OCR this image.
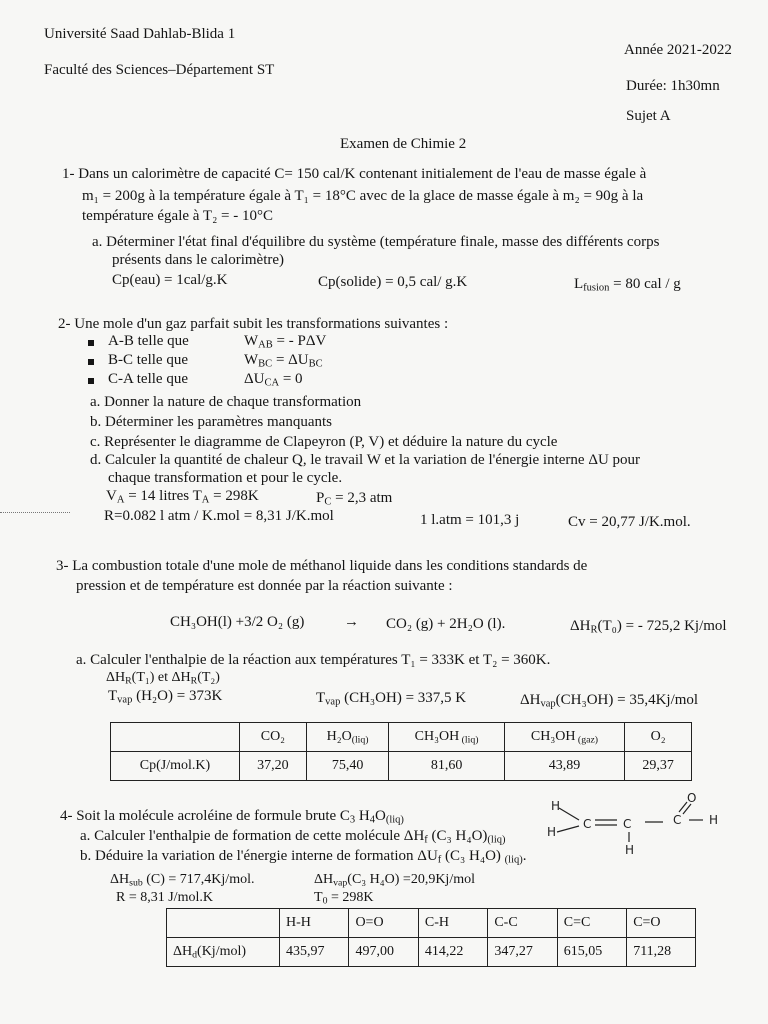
Université Saad Dahlab-Blida 1
Faculté des Sciences–Département ST
Année 2021-2022
Durée: 1h30mn
Sujet A
Examen de Chimie 2
1- Dans un calorimètre de capacité C= 150 cal/K contenant initialement de l'eau de masse égale à
m₁ = 200g à la température égale à T₁ = 18°C avec de la glace de masse égale à m₂ = 90g à la
température égale à T₂ = - 10°C
a. Déterminer l'état final d'équilibre du système (température finale, masse des différents corps
présents dans le calorimètre)
Cp(eau) = 1cal/g.K	Cp(solide) = 0,5 cal/ g.K	$L_{fusion} = 80$ cal / g
2- Une mole d'un gaz parfait subit les transformations suivantes :
A-B telle que	$W_{AB}$ = - PΔV
B-C telle que	$W_{BC} = \Delta U_{BC}$
C-A telle que	$\Delta U_{CA} = 0$
a. Donner la nature de chaque transformation
b. Déterminer les paramètres manquants
c. Représenter le diagramme de Clapeyron (P, V) et déduire la nature du cycle
d. Calculer la quantité de chaleur Q, le travail W et la variation de l'énergie interne ΔU pour
chaque transformation et pour le cycle.
$V_A = 14$ litres $T_A = 298K$	$P_C = 2,3$ atm
R=0.082 l atm / K.mol = 8,31 J/K.mol	1 l.atm = 101,3 j	Cv = 20,77 J/K.mol.
3- La combustion totale d'une mole de méthanol liquide dans les conditions standards de
pression et de température est donnée par la réaction suivante :
CH₃OH(l) +3/2 O₂ (g)	→ CO₂ (g) + 2H₂O (l).	$\Delta H_R(T_0)$ = - 725,2 Kj/mol
a. Calculer l'enthalpie de la réaction aux températures T₁ = 333K et T₂ = 360K.
$\Delta H_R(T_1)$ et $\Delta H_R(T_2)$
$T_{vap}$ (H₂O) = 373K	$T_{vap}$ (CH₃OH) = 337,5 K	$\Delta H_{vap}(CH_3OH) = 35,4Kj/mol$
	CO₂	$H_2O_{(liq)}$	CH₃OH $_{(liq)}$	CH₃OH $_{(gaz)}$	O₂
Cp(J/mol.K)	37,20	75,40	81,60	43,89	29,37
4- Soit la molécule acroléine de formule brute $C_3$ $H_4O_{(liq)}$
a. Calculer l'enthalpie de formation de cette molécule $\Delta H_f$ (C₃ $H_4O)_{(liq)}$
b. Déduire la variation de l'énergie interne de formation $\Delta U_f$ (C₃ H₄O) $_{(liq)}$.
$\Delta H_{sub}$ (C) = 717,4Kj/mol.	$\Delta H_{vap}(C_3$ H₄O) =20,9Kj/mol
R = 8,31 J/mol.K	$T_0 = 298K$
	H-H	O=O	C-H	C-C	C=C	C=O
$\Delta H_d(Kj/mol)$	435,97	497,00	414,22	347,27	615,05	711,28
H
H
C	C	C H
H
O
